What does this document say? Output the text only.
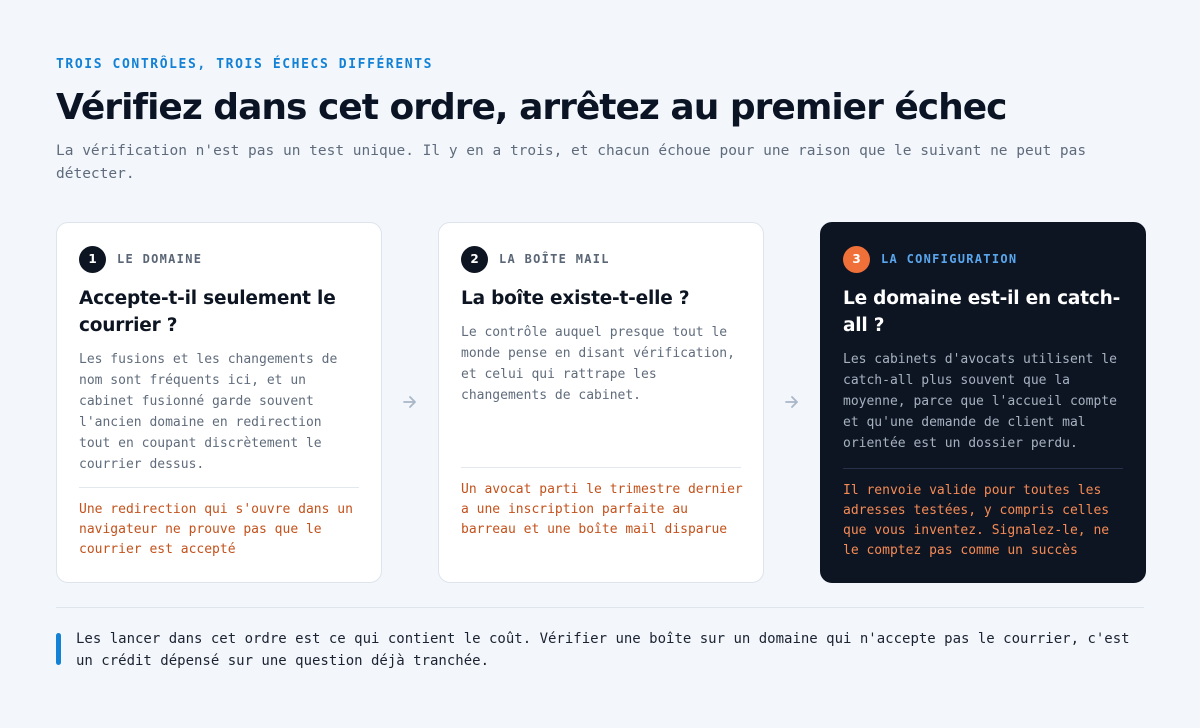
TROIS CONTRÔLES, TROIS ÉCHECS DIFFÉRENTS
Vérifiez dans cet ordre, arrêtez au premier échec

La vérification n'est pas un test unique. Il y en a trois, et chacun échoue pour une raison que le suivant ne peut pas détecter.

1	LE DOMAINE
Accepte-t-il seulement le courrier ?
Les fusions et les changements de nom sont fréquents ici, et un cabinet fusionné garde souvent l'ancien domaine en redirection tout en coupant discrètement le courrier dessus.
Une redirection qui s'ouvre dans un navigateur ne prouve pas que le courrier est accepté
2	LA BOÎTE MAIL
La boîte existe-t-elle ?
Le contrôle auquel presque tout le monde pense en disant vérification, et celui qui rattrape les changements de cabinet.
Un avocat parti le trimestre dernier a une inscription parfaite au barreau et une boîte mail disparue
3	LA CONFIGURATION
Le domaine est-il en catch-all ?
Les cabinets d'avocats utilisent le catch-all plus souvent que la moyenne, parce que l'accueil compte et qu'une demande de client mal orientée est un dossier perdu.
Il renvoie valide pour toutes les adresses testées, y compris celles que vous inventez. Signalez-le, ne le comptez pas comme un succès

Les lancer dans cet ordre est ce qui contient le coût. Vérifier une boîte sur un domaine qui n'accepte pas le courrier, c'est un crédit dépensé sur une question déjà tranchée.
